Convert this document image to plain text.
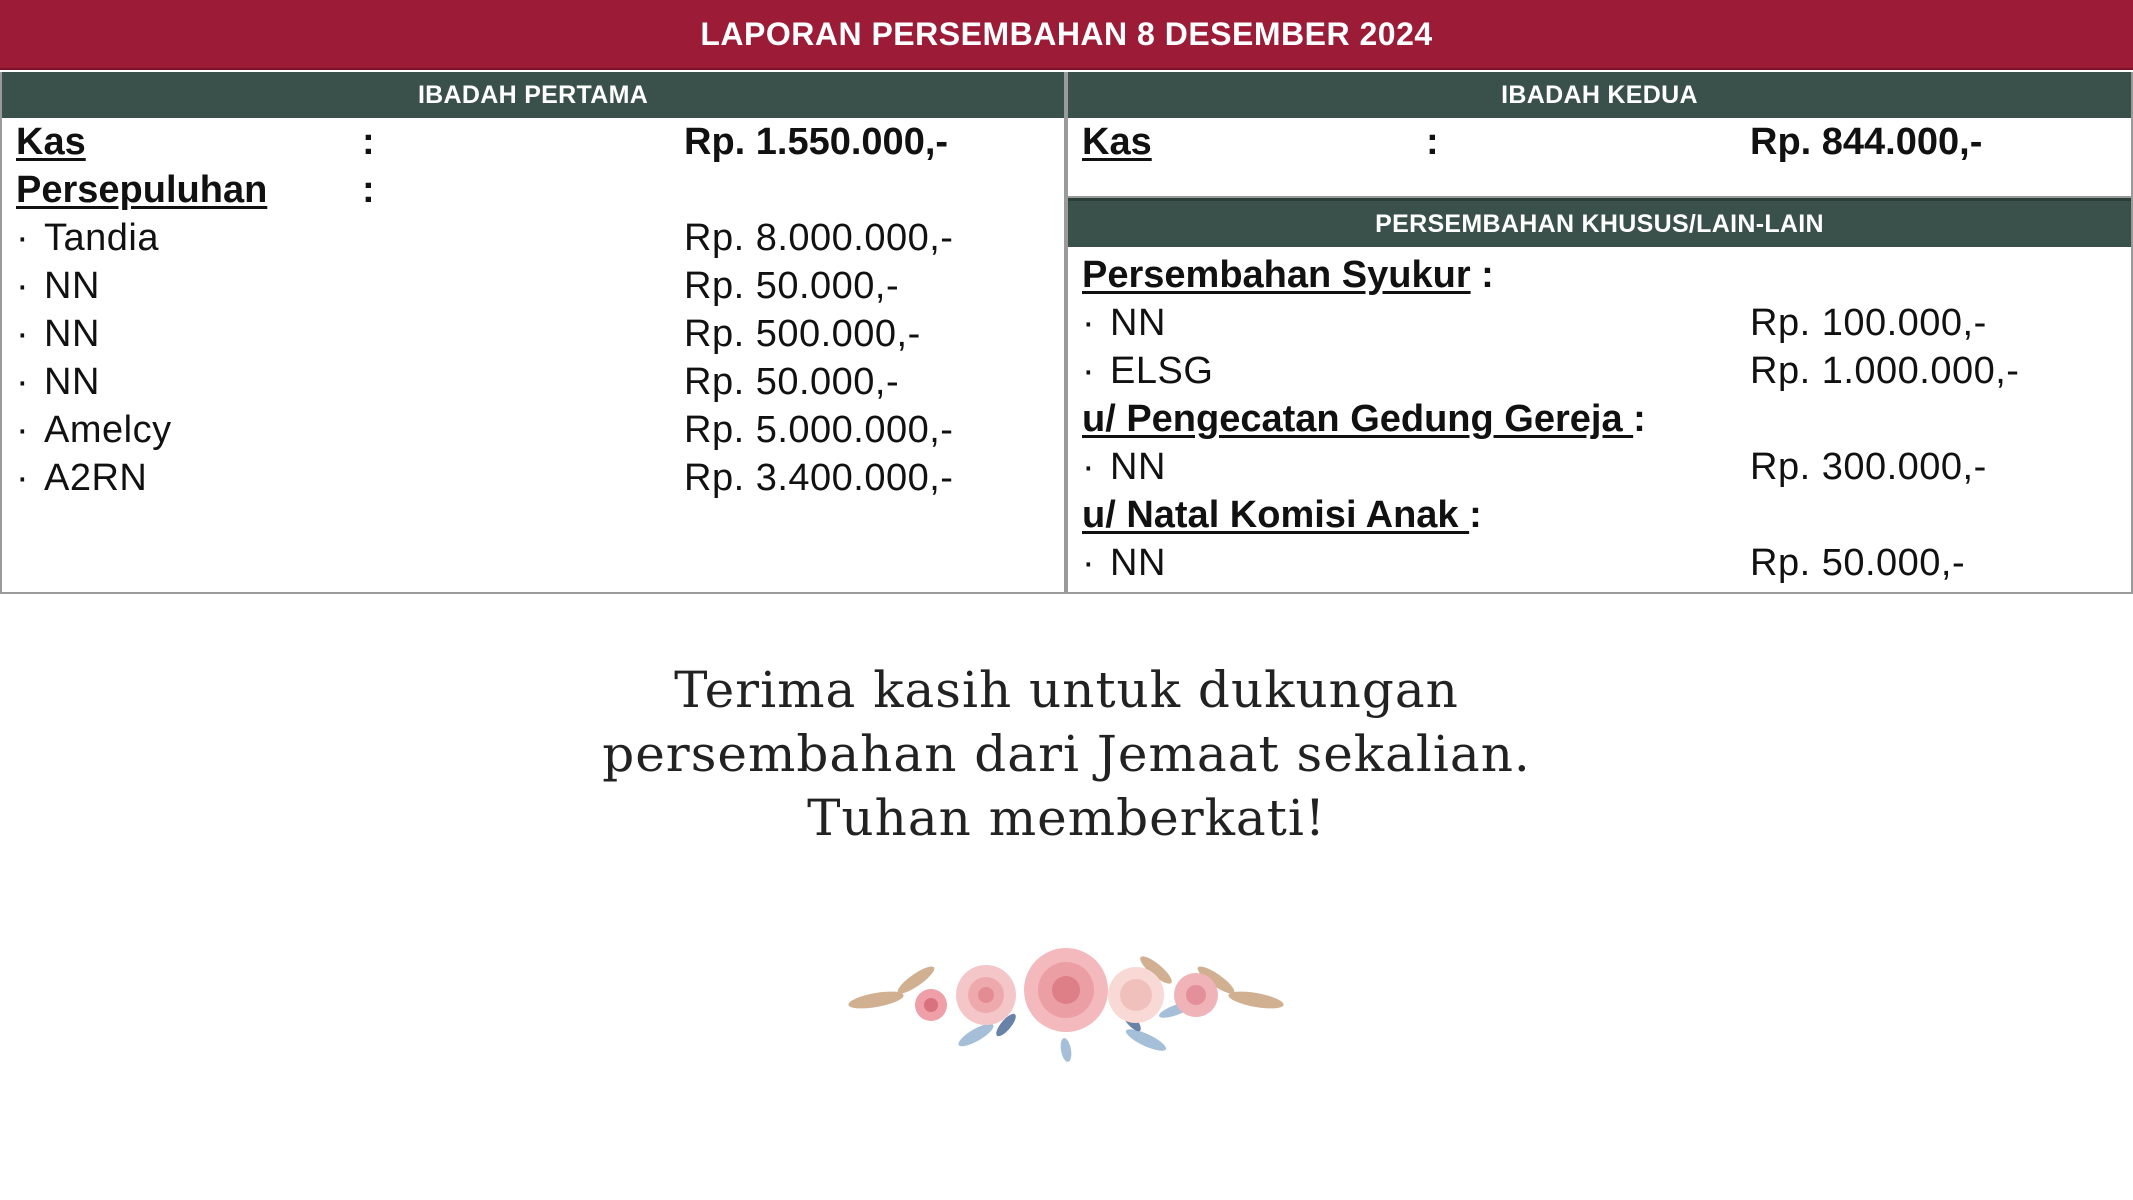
LAPORAN PERSEMBAHAN 8 DESEMBER 2024
IBADAH PERTAMA
Kas	:	Rp. 1.550.000,-
Persepuluhan :
· Tandia	Rp. 8.000.000,-
· NN	Rp. 50.000,-
· NN	Rp. 500.000,-
· NN	Rp. 50.000,-
· Amelcy	Rp. 5.000.000,-
· A2RN	Rp. 3.400.000,-
IBADAH KEDUA
Kas	:	Rp. 844.000,-
PERSEMBAHAN KHUSUS/LAIN-LAIN
Persembahan Syukur :
· NN	Rp. 100.000,-
· ELSG	Rp. 1.000.000,-
u/ Pengecatan Gedung Gereja :
· NN	Rp. 300.000,-
u/ Natal Komisi Anak :
· NN	Rp. 50.000,-
Terima kasih untuk dukungan
persembahan dari Jemaat sekalian.
Tuhan memberkati!
